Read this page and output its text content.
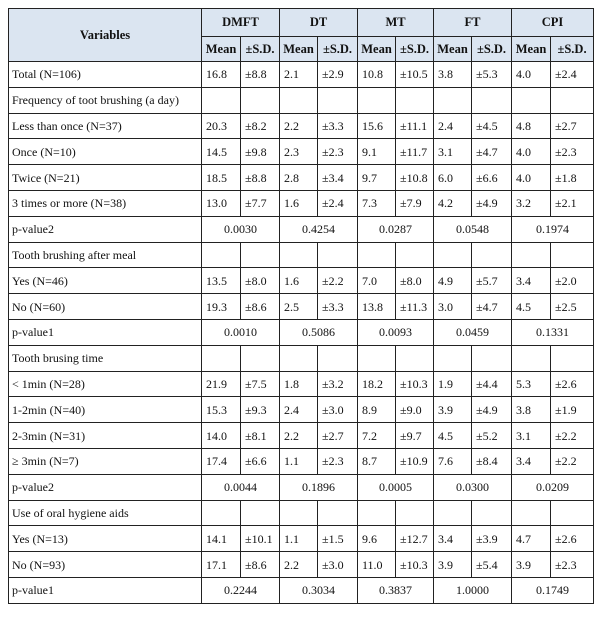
Variables	DMFT		DT		MT		FT		CPI	
	Mean	±S.D.	Mean	±S.D.	Mean	±S.D.	Mean	±S.D.	Mean	±S.D.
Total (N=106)	16.8	±8.8	2.1	±2.9	10.8	±10.5	3.8	±5.3	4.0	±2.4
Frequency of toot brushing (a day)										
Less than once (N=37)	20.3	±8.2	2.2	±3.3	15.6	±11.1	2.4	±4.5	4.8	±2.7
Once (N=10)	14.5	±9.8	2.3	±2.3	9.1	±11.7	3.1	±4.7	4.0	±2.3
Twice (N=21)	18.5	±8.8	2.8	±3.4	9.7	±10.8	6.0	±6.6	4.0	±1.8
3 times or more (N=38)	13.0	±7.7	1.6	±2.4	7.3	±7.9	4.2	±4.9	3.2	±2.1
p-value2	0.0030		0.4254		0.0287		0.0548		0.1974	
Tooth brushing after meal										
Yes (N=46)	13.5	±8.0	1.6	±2.2	7.0	±8.0	4.9	±5.7	3.4	±2.0
No (N=60)	19.3	±8.6	2.5	±3.3	13.8	±11.3	3.0	±4.7	4.5	±2.5
p-value1	0.0010		0.5086		0.0093		0.0459		0.1331	
Tooth brusing time										
< 1min (N=28)	21.9	±7.5	1.8	±3.2	18.2	±10.3	1.9	±4.4	5.3	±2.6
1-2min (N=40)	15.3	±9.3	2.4	±3.0	8.9	±9.0	3.9	±4.9	3.8	±1.9
2-3min (N=31)	14.0	±8.1	2.2	±2.7	7.2	±9.7	4.5	±5.2	3.1	±2.2
≥ 3min (N=7)	17.4	±6.6	1.1	±2.3	8.7	±10.9	7.6	±8.4	3.4	±2.2
p-value2	0.0044		0.1896		0.0005		0.0300		0.0209	
Use of oral hygiene aids										
Yes (N=13)	14.1	±10.1	1.1	±1.5	9.6	±12.7	3.4	±3.9	4.7	±2.6
No (N=93)	17.1	±8.6	2.2	±3.0	11.0	±10.3	3.9	±5.4	3.9	±2.3
p-value1	0.2244		0.3034		0.3837		1.0000		0.1749	
